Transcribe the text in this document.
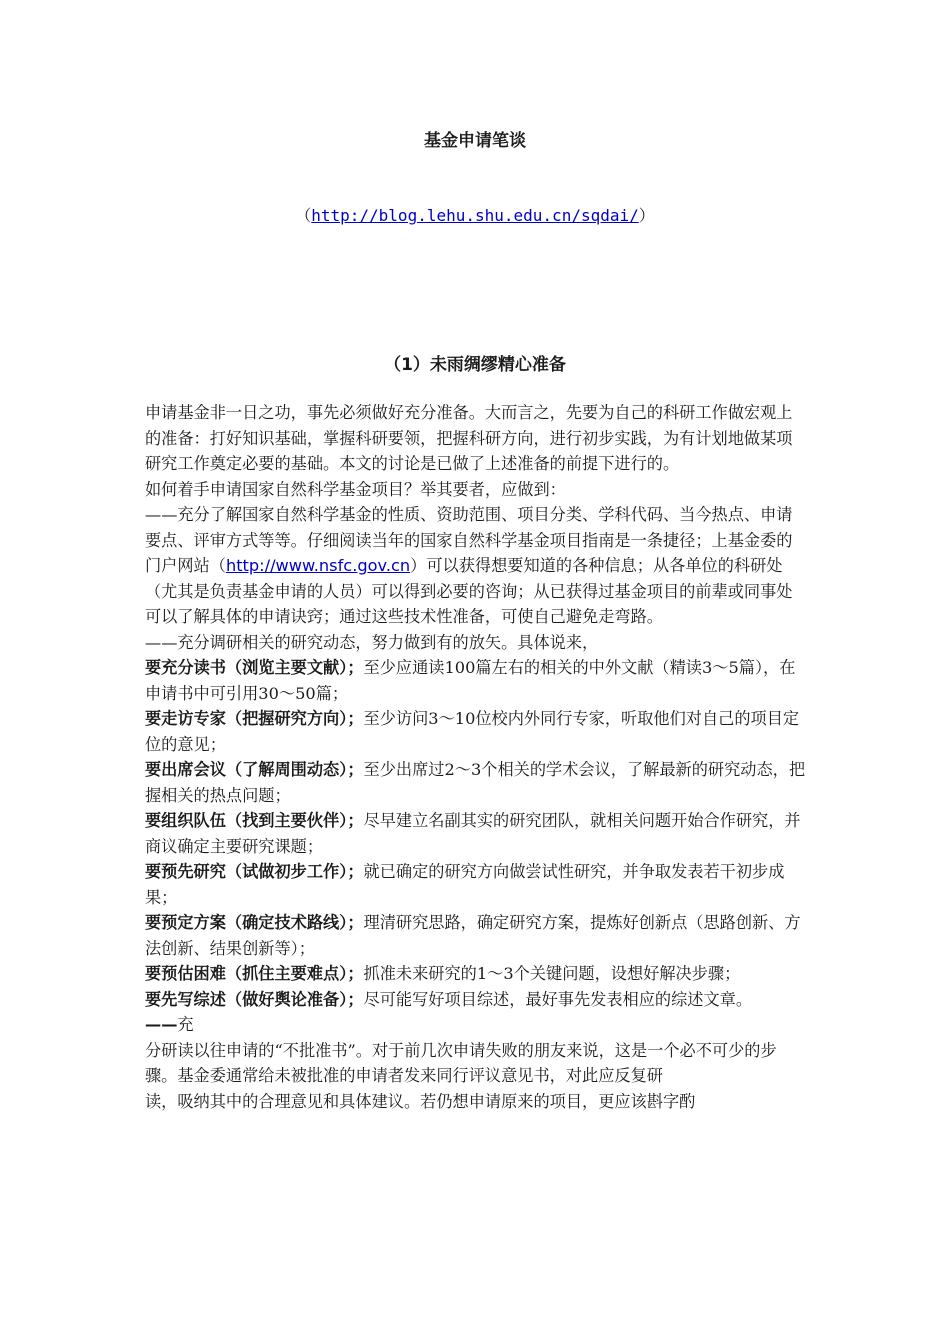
基金申请笔谈
（http://blog.lehu.shu.edu.cn/sqdai/）
（1）未雨绸缪精心准备

申请基金非一日之功，事先必须做好充分准备。大而言之，先要为自己的科研工作做宏观上的准备：打好知识基础，掌握科研要领，把握科研方向，进行初步实践，为有计划地做某项研究工作奠定必要的基础。本文的讨论是已做了上述准备的前提下进行的。

如何着手申请国家自然科学基金项目？举其要者，应做到：

——充分了解国家自然科学基金的性质、资助范围、项目分类、学科代码、当今热点、申请要点、评审方式等等。仔细阅读当年的国家自然科学基金项目指南是一条捷径；上基金委的门户网站（http://www.nsfc.gov.cn）可以获得想要知道的各种信息；从各单位的科研处（尤其是负责基金申请的人员）可以得到必要的咨询；从已获得过基金项目的前辈或同事处可以了解具体的申请诀窍；通过这些技术性准备，可使自己避免走弯路。

——充分调研相关的研究动态，努力做到有的放矢。具体说来，

要充分读书（浏览主要文献）；至少应通读100篇左右的相关的中外文献（精读3～5篇），在申请书中可引用30～50篇；

要走访专家（把握研究方向）；至少访问3～10位校内外同行专家，听取他们对自己的项目定位的意见；

要出席会议（了解周围动态）；至少出席过2～3个相关的学术会议，了解最新的研究动态，把握相关的热点问题；

要组织队伍（找到主要伙伴）；尽早建立名副其实的研究团队，就相关问题开始合作研究，并商议确定主要研究课题；

要预先研究（试做初步工作）；就已确定的研究方向做尝试性研究，并争取发表若干初步成果；

要预定方案（确定技术路线）；理清研究思路，确定研究方案，提炼好创新点（思路创新、方法创新、结果创新等）；

要预估困难（抓住主要难点）；抓准未来研究的1～3个关键问题，设想好解决步骤；

要先写综述（做好舆论准备）；尽可能写好项目综述，最好事先发表相应的综述文章。

——充

分研读以往申请的“不批准书”。对于前几次申请失败的朋友来说，这是一个必不可少的步骤。基金委通常给未被批准的申请者发来同行评议意见书，对此应反复研

读，吸纳其中的合理意见和具体建议。若仍想申请原来的项目，更应该斟字酌
